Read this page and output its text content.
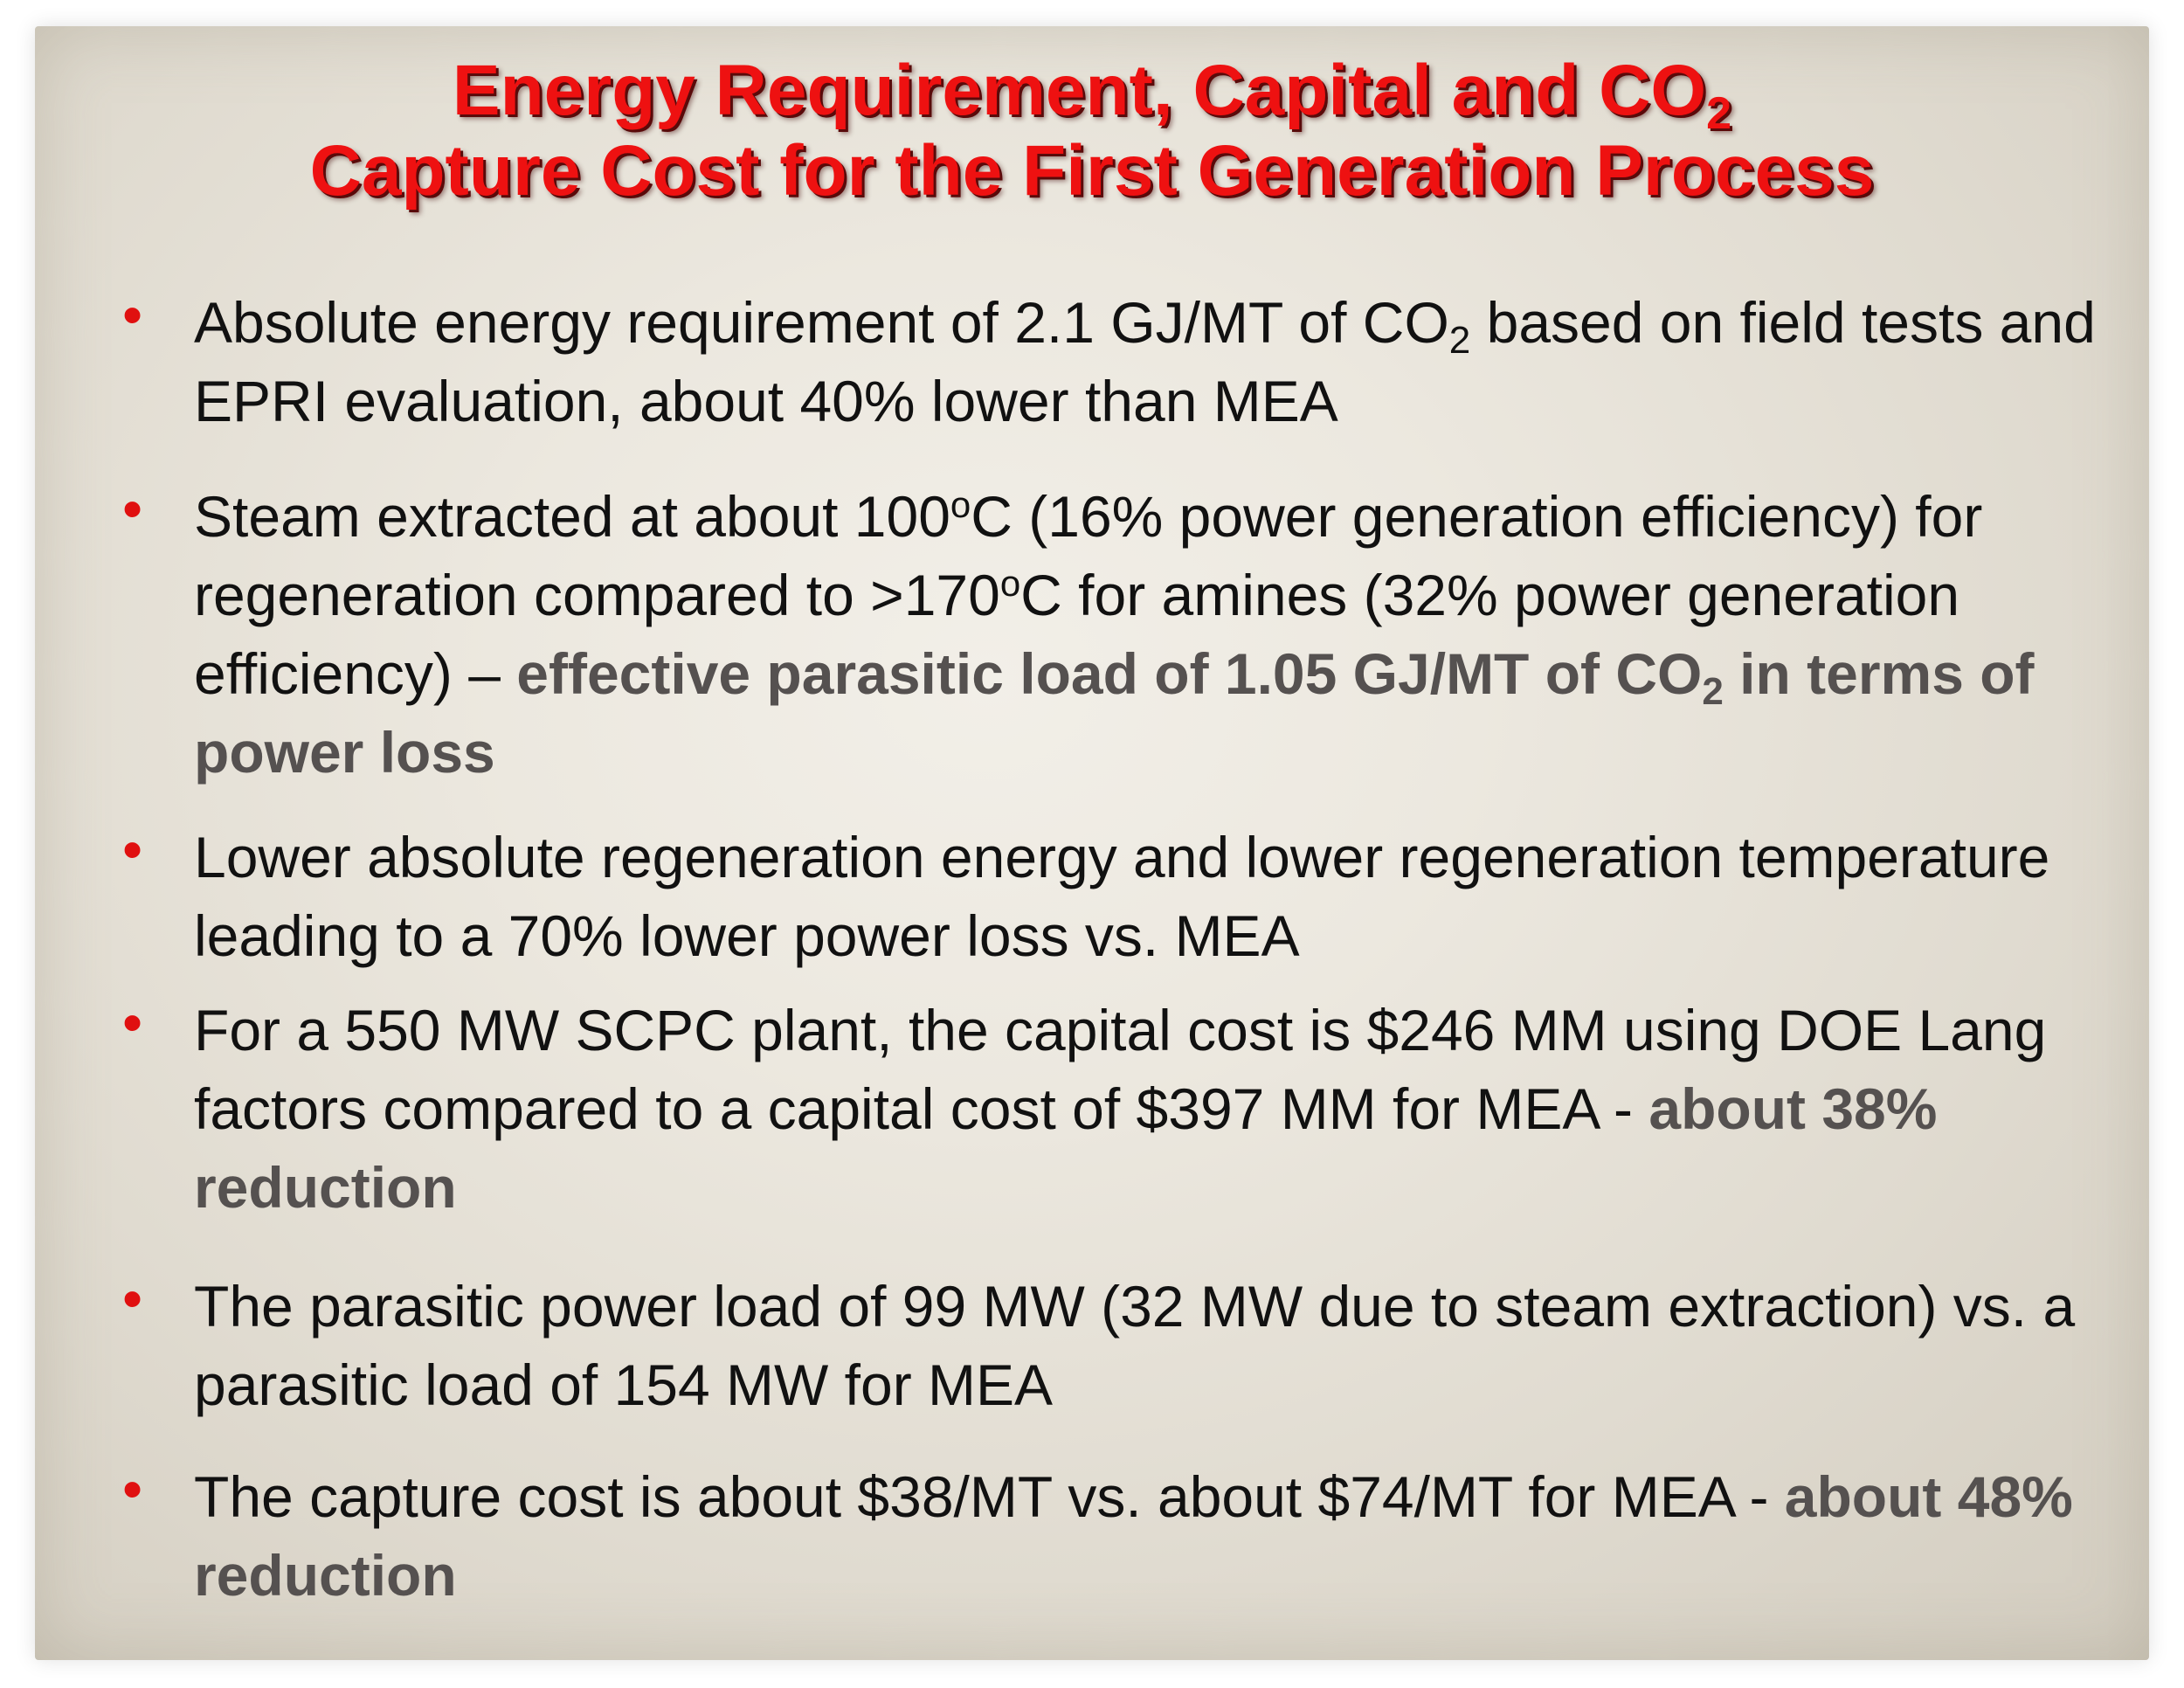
Energy Requirement, Capital and $CO_2$
Capture Cost for the First Generation Process
• Absolute energy requirement of 2.1 GJ/MT of $CO_2$ based on field tests and EPRI evaluation, about 40% lower than MEA
• Steam extracted at about 100$^o$C (16% power generation efficiency) for regeneration compared to $>170^oC$ for amines (32% power generation efficiency) – effective parasitic load of 1.05 GJ/MT of $CO_2$ in terms of power loss
• Lower absolute regeneration energy and lower regeneration temperature leading to a 70% lower power loss vs. MEA
• For a 550 MW SCPC plant, the capital cost is $246 MM using DOE Lang factors compared to a capital cost of $397 MM for MEA - about 38% reduction
• The parasitic power load of 99 MW (32 MW due to steam extraction) vs. a parasitic load of 154 MW for MEA
• The capture cost is about $38/MT vs. about $74/MT for MEA - about 48% reduction
